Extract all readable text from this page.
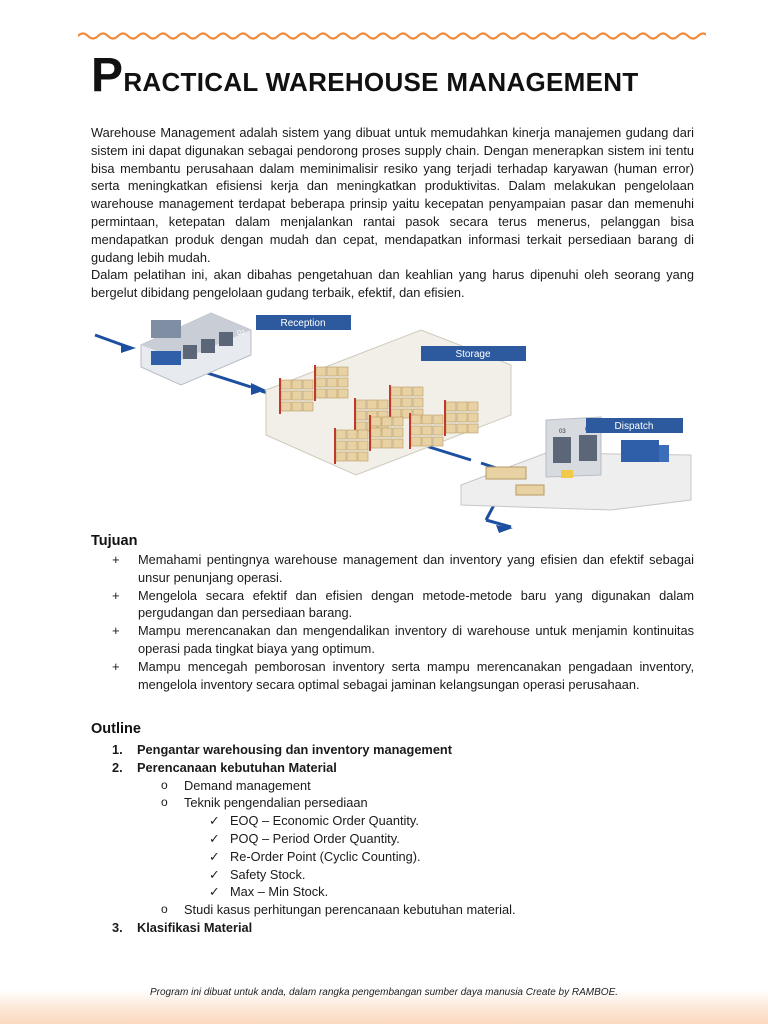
PRACTICAL WAREHOUSE MANAGEMENT

Warehouse Management adalah sistem yang dibuat untuk memudahkan kinerja manajemen gudang dari sistem ini dapat digunakan sebagai pendorong proses supply chain. Dengan menerapkan sistem ini tentu bisa membantu perusahaan dalam meminimalisir resiko yang terjadi terhadap karyawan (human error) serta meningkatkan efisiensi kerja dan meningkatkan produktivitas. Dalam melakukan pengelolaan warehouse management terdapat beberapa prinsip yaitu kecepatan penyampaian pasar dan memenuhi permintaan, ketepatan dalam menjalankan rantai pasok secara terus menerus, pelanggan bisa mendapatkan produk dengan mudah dan cepat, mendapatkan informasi terkait persediaan barang di gudang lebih mudah.

Dalam pelatihan ini, akan dibahas pengetahuan dan keahlian yang harus dipenuhi oleh seorang yang bergelut dibidang pengelolaan gudang terbaik, efektif, dan efisien.

02
Reception
Storage
03	Dispatch
Tujuan
+ Memahami pentingnya warehouse management dan inventory yang efisien dan efektif sebagai unsur penunjang operasi.
+ Mengelola secara efektif dan efisien dengan metode-metode baru yang digunakan dalam pergudangan dan persediaan barang.
+ Mampu merencanakan dan mengendalikan inventory di warehouse untuk menjamin kontinuitas operasi pada tingkat biaya yang optimum.
+ Mampu mencegah pemborosan inventory serta mampu merencanakan pengadaan inventory, mengelola inventory secara optimal sebagai jaminan kelangsungan operasi perusahaan.
Outline
1. Pengantar warehousing dan inventory management
2. Perencanaan kebutuhan Material
o Demand management
o Teknik pengendalian persediaan
✓ EOQ – Economic Order Quantity.
✓ POQ – Period Order Quantity.
✓ Re-Order Point (Cyclic Counting).
✓ Safety Stock.
✓ Max – Min Stock.
o Studi kasus perhitungan perencanaan kebutuhan material.
3. Klasifikasi Material
Program ini dibuat untuk anda, dalam rangka pengembangan sumber daya manusia Create by RAMBOE.
